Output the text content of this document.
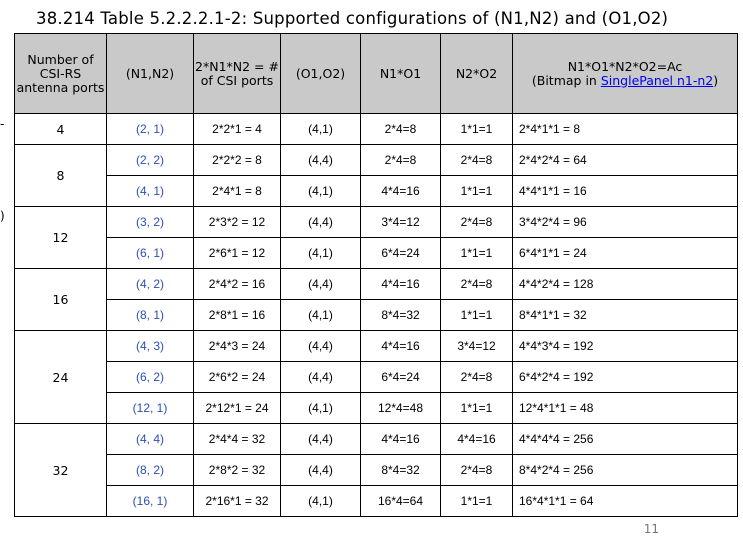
38.214 Table 5.2.2.2.1-2: Supported configurations of (N1,N2) and (O1,O2)
-
)
Number of CSI-RS antenna ports	(N1,N2)	2*N1*N2 = # of CSI ports	(O1,O2)	N1*O1	N2*O2	N1*O1*N2*O2=Ac
(Bitmap in SinglePanel n1-n2)
4	(2, 1)	2*2*1 = 4	(4,1)	2*4=8	1*1=1	2*4*1*1 = 8
8	(2, 2)	2*2*2 = 8	(4,4)	2*4=8	2*4=8	2*4*2*4 = 64
	(4, 1)	2*4*1 = 8	(4,1)	4*4=16	1*1=1	4*4*1*1 = 16
12	(3, 2)	2*3*2 = 12	(4,4)	3*4=12	2*4=8	3*4*2*4 = 96
	(6, 1)	2*6*1 = 12	(4,1)	6*4=24	1*1=1	6*4*1*1 = 24
16	(4, 2)	2*4*2 = 16	(4,4)	4*4=16	2*4=8	4*4*2*4 = 128
	(8, 1)	2*8*1 = 16	(4,1)	8*4=32	1*1=1	8*4*1*1 = 32
24	(4, 3)	2*4*3 = 24	(4,4)	4*4=16	3*4=12	4*4*3*4 = 192
	(6, 2)	2*6*2 = 24	(4,4)	6*4=24	2*4=8	6*4*2*4 = 192
	(12, 1)	2*12*1 = 24	(4,1)	12*4=48	1*1=1	12*4*1*1 = 48
32	(4, 4)	2*4*4 = 32	(4,4)	4*4=16	4*4=16	4*4*4*4 = 256
	(8, 2)	2*8*2 = 32	(4,4)	8*4=32	2*4=8	8*4*2*4 = 256
	(16, 1)	2*16*1 = 32	(4,1)	16*4=64	1*1=1	16*4*1*1 = 64
11
